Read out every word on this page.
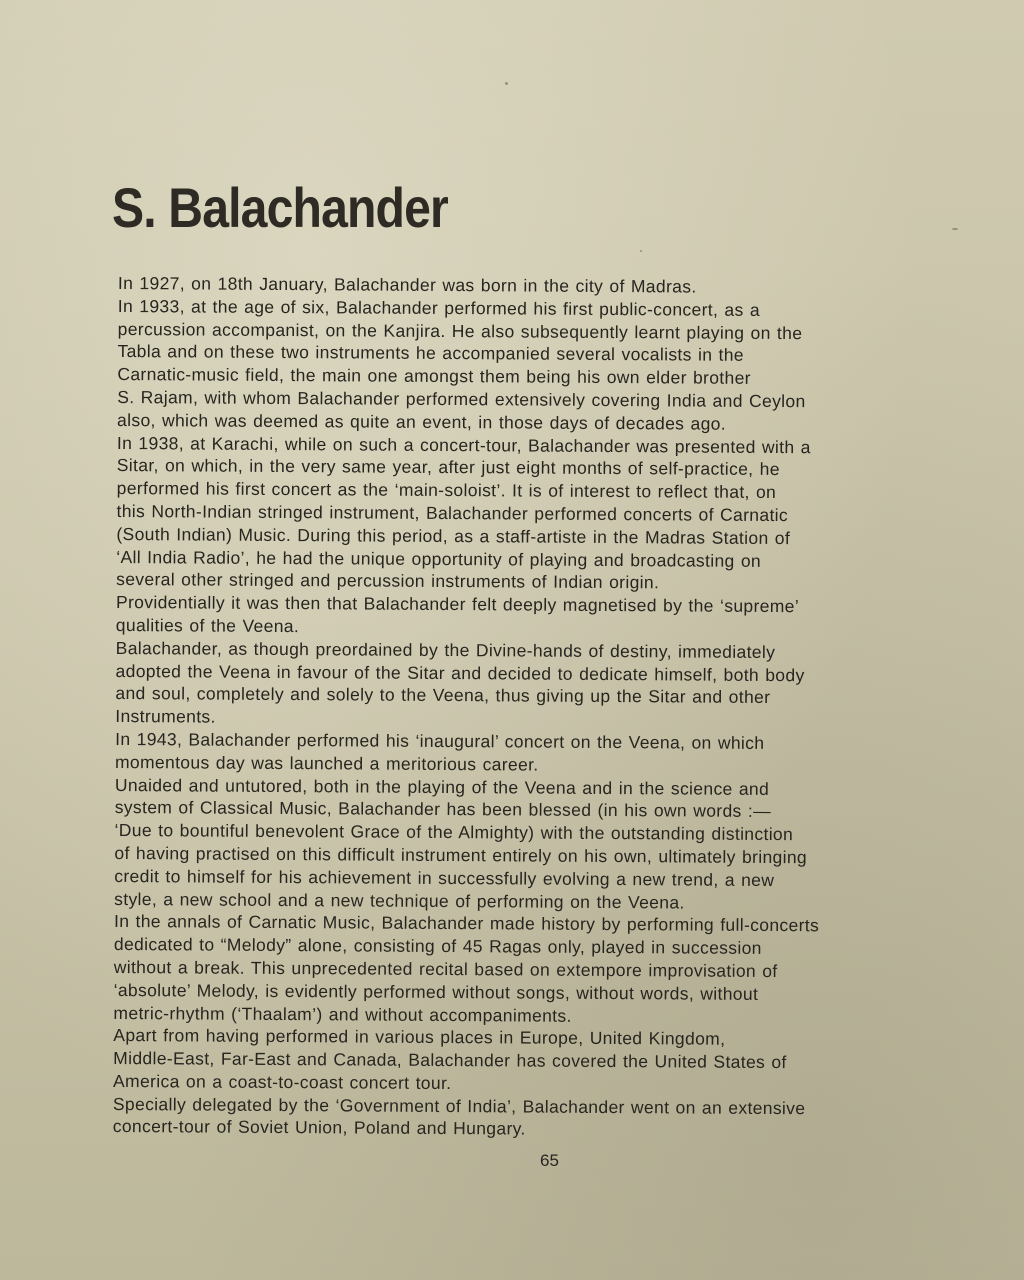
S. Balachander
In 1927, on 18th January, Balachander was born in the city of Madras.
In 1933, at the age of six, Balachander performed his first public-concert, as a
percussion accompanist, on the Kanjira. He also subsequently learnt playing on the
Tabla and on these two instruments he accompanied several vocalists in the
Carnatic-music field, the main one amongst them being his own elder brother
S. Rajam, with whom Balachander performed extensively covering India and Ceylon
also, which was deemed as quite an event, in those days of decades ago.
In 1938, at Karachi, while on such a concert-tour, Balachander was presented with a
Sitar, on which, in the very same year, after just eight months of self-practice, he
performed his first concert as the ‘main-soloist’. It is of interest to reflect that, on
this North-Indian stringed instrument, Balachander performed concerts of Carnatic
(South Indian) Music. During this period, as a staff-artiste in the Madras Station of
‘All India Radio’, he had the unique opportunity of playing and broadcasting on
several other stringed and percussion instruments of Indian origin.
Providentially it was then that Balachander felt deeply magnetised by the ‘supreme’
qualities of the Veena.
Balachander, as though preordained by the Divine-hands of destiny, immediately
adopted the Veena in favour of the Sitar and decided to dedicate himself, both body
and soul, completely and solely to the Veena, thus giving up the Sitar and other
Instruments.
In 1943, Balachander performed his ‘inaugural’ concert on the Veena, on which
momentous day was launched a meritorious career.
Unaided and untutored, both in the playing of the Veena and in the science and
system of Classical Music, Balachander has been blessed (in his own words :—
‘Due to bountiful benevolent Grace of the Almighty) with the outstanding distinction
of having practised on this difficult instrument entirely on his own, ultimately bringing
credit to himself for his achievement in successfully evolving a new trend, a new
style, a new school and a new technique of performing on the Veena.
In the annals of Carnatic Music, Balachander made history by performing full-concerts
dedicated to “Melody” alone, consisting of 45 Ragas only, played in succession
without a break. This unprecedented recital based on extempore improvisation of
‘absolute’ Melody, is evidently performed without songs, without words, without
metric-rhythm (‘Thaalam’) and without accompaniments.
Apart from having performed in various places in Europe, United Kingdom,
Middle-East, Far-East and Canada, Balachander has covered the United States of
America on a coast-to-coast concert tour.
Specially delegated by the ‘Government of India’, Balachander went on an extensive
concert-tour of Soviet Union, Poland and Hungary.
65
